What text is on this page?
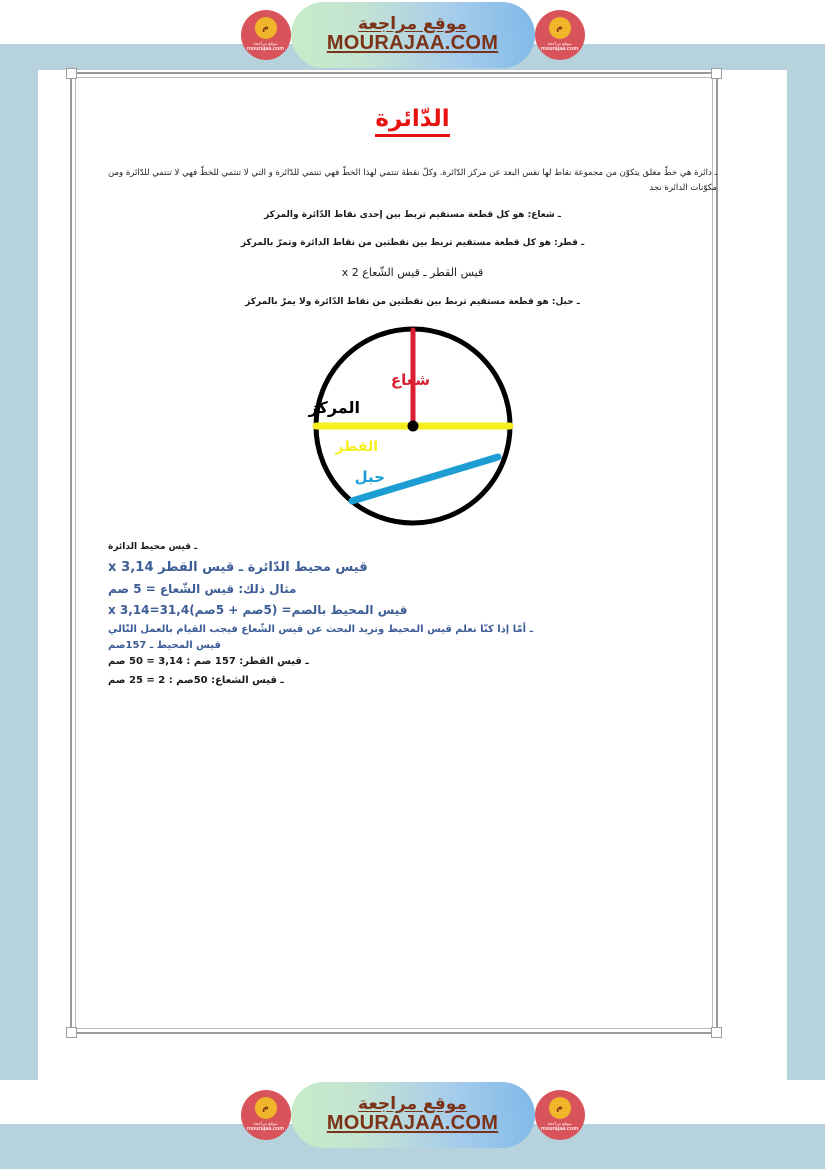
م
موقع مراجعة
mourajaa.com
موقع مراجعة
MOURAJAA.COM
م
موقع مراجعة
mourajaa.com
الدّائرة
ـ دائرة هي خطّ مغلق يتكوّن من مجموعة نقاط لها نفس البعد عن مركز الدّائرة. وكلّ نقطة تنتمي لهذا الخطّ فهي تنتمي للدّائرة و التي لا تنتمي للخطّ فهي لا تنتمي للدّائرة ومن مكوّنات الدائرة نجد
ـ شعاع: هو كل قطعة مستقيم تربط بين إحدى نقاط الدّائرة والمركز
ـ قطر: هو كل قطعة مستقيم تربط بين نقطتين من نقاط الدائرة وتمرّ بالمركز
قيس القطر ـ قيس الشّعاع x 2
ـ حبل: هو قطعة مستقيم تربط بين نقطتين من نقاط الدّائرة ولا يمرّ بالمركز
شعاع
المركز
القطر
حبل
ـ قيس محيط الدائرة
قيس محيط الدّائرة ـ قيس القطر x 3,14
مثال ذلك: قيس الشّعاع = 5 صم
قيس المحيط بالصم= (5صم + 5صم)x 3,14=31,4
ـ أمّا إذا كنّا نعلم قيس المحيط ونريد البحث عن قيس الشّعاع فيجب القيام بالعمل التّالي
قيس المحيط ـ 157صم
ـ قيس القطر: 157 صم : 3,14 = 50 صم
ـ قيس الشعاع: 50صم : 2 = 25 صم
م
موقع مراجعة
mourajaa.com
موقع مراجعة
MOURAJAA.COM
م
موقع مراجعة
mourajaa.com
